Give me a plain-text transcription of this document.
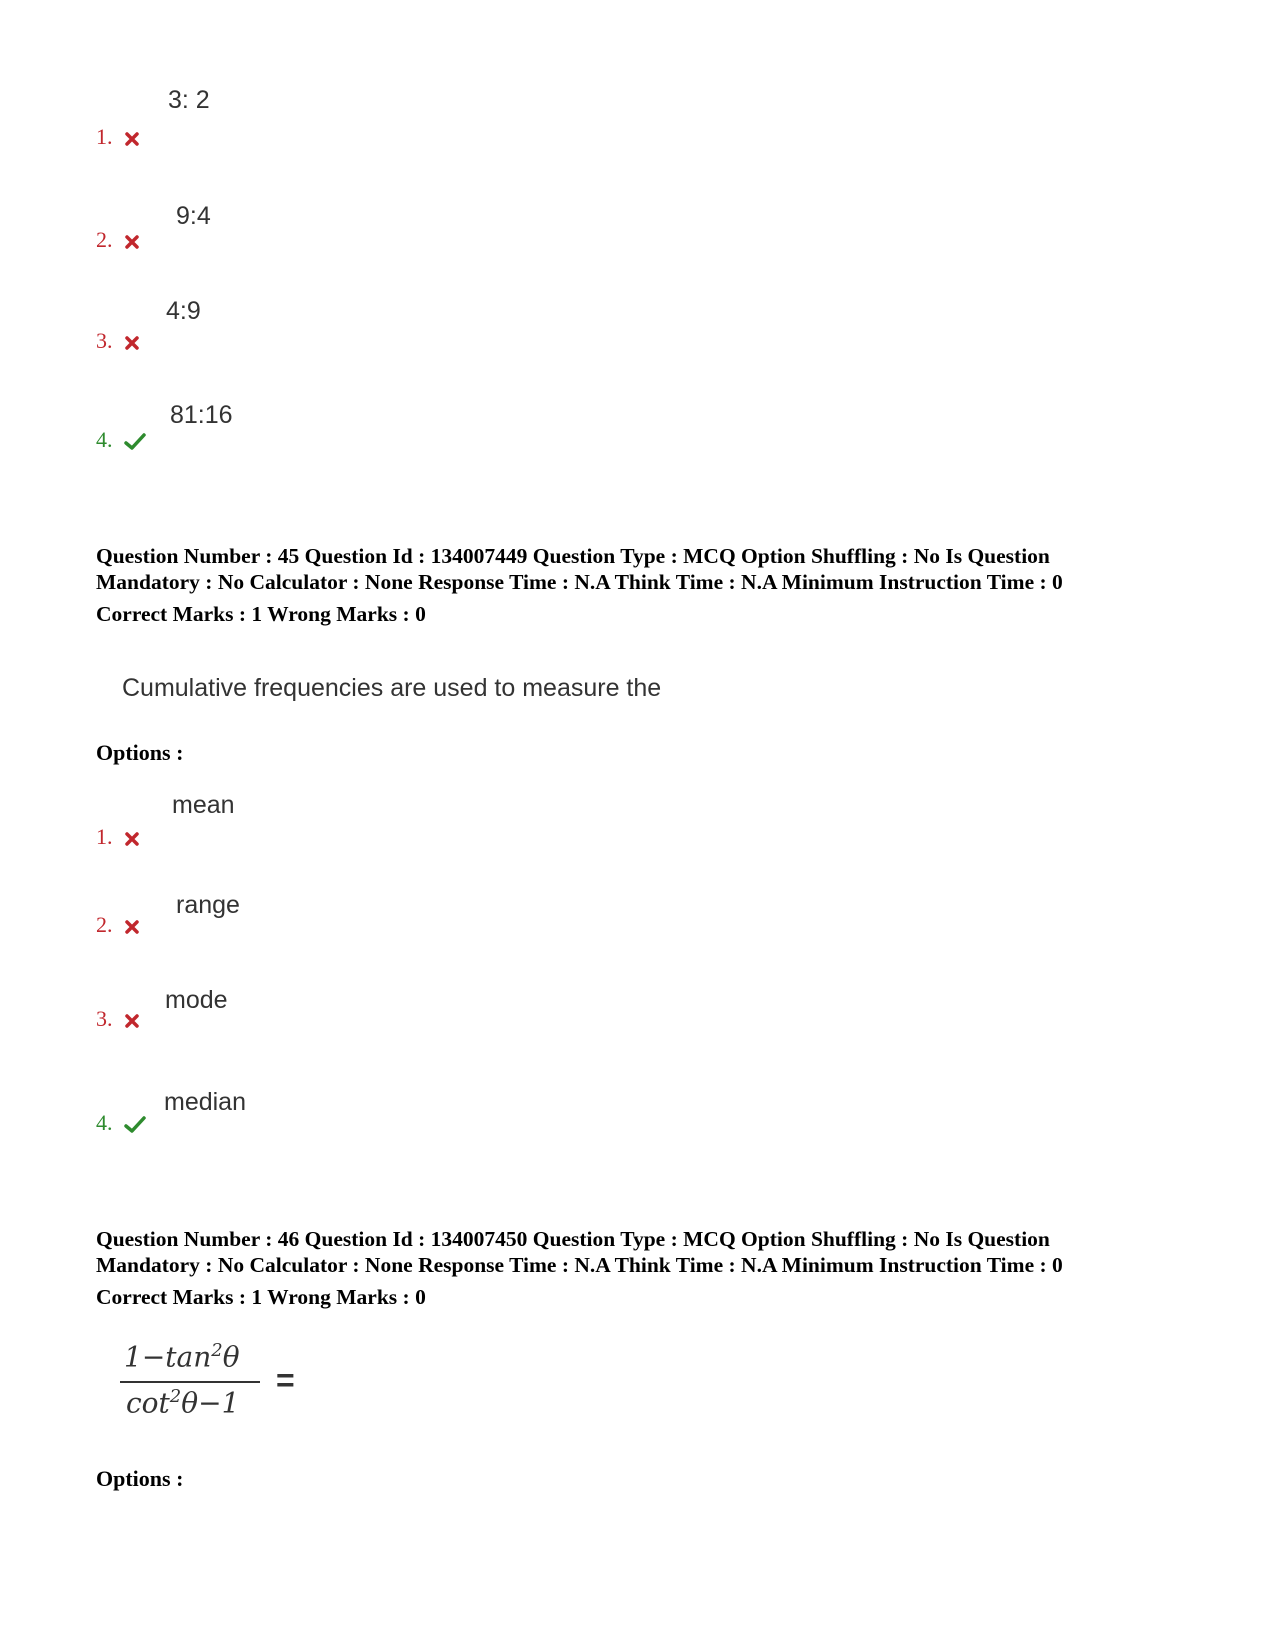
3: 2
1.
9:4
2.
4:9
3.
81:16
4.
Question Number : 45 Question Id : 134007449 Question Type : MCQ Option Shuffling : No Is Question
Mandatory : No Calculator : None Response Time : N.A Think Time : N.A Minimum Instruction Time : 0
Correct Marks : 1 Wrong Marks : 0
Cumulative frequencies are used to measure the
Options :
mean
1.
range
2.
mode
3.
median
4.
Question Number : 46 Question Id : 134007450 Question Type : MCQ Option Shuffling : No Is Question
Mandatory : No Calculator : None Response Time : N.A Think Time : N.A Minimum Instruction Time : 0
Correct Marks : 1 Wrong Marks : 0
$1-\tan^2\theta$
$\cot^2\theta-1$
=
Options :
